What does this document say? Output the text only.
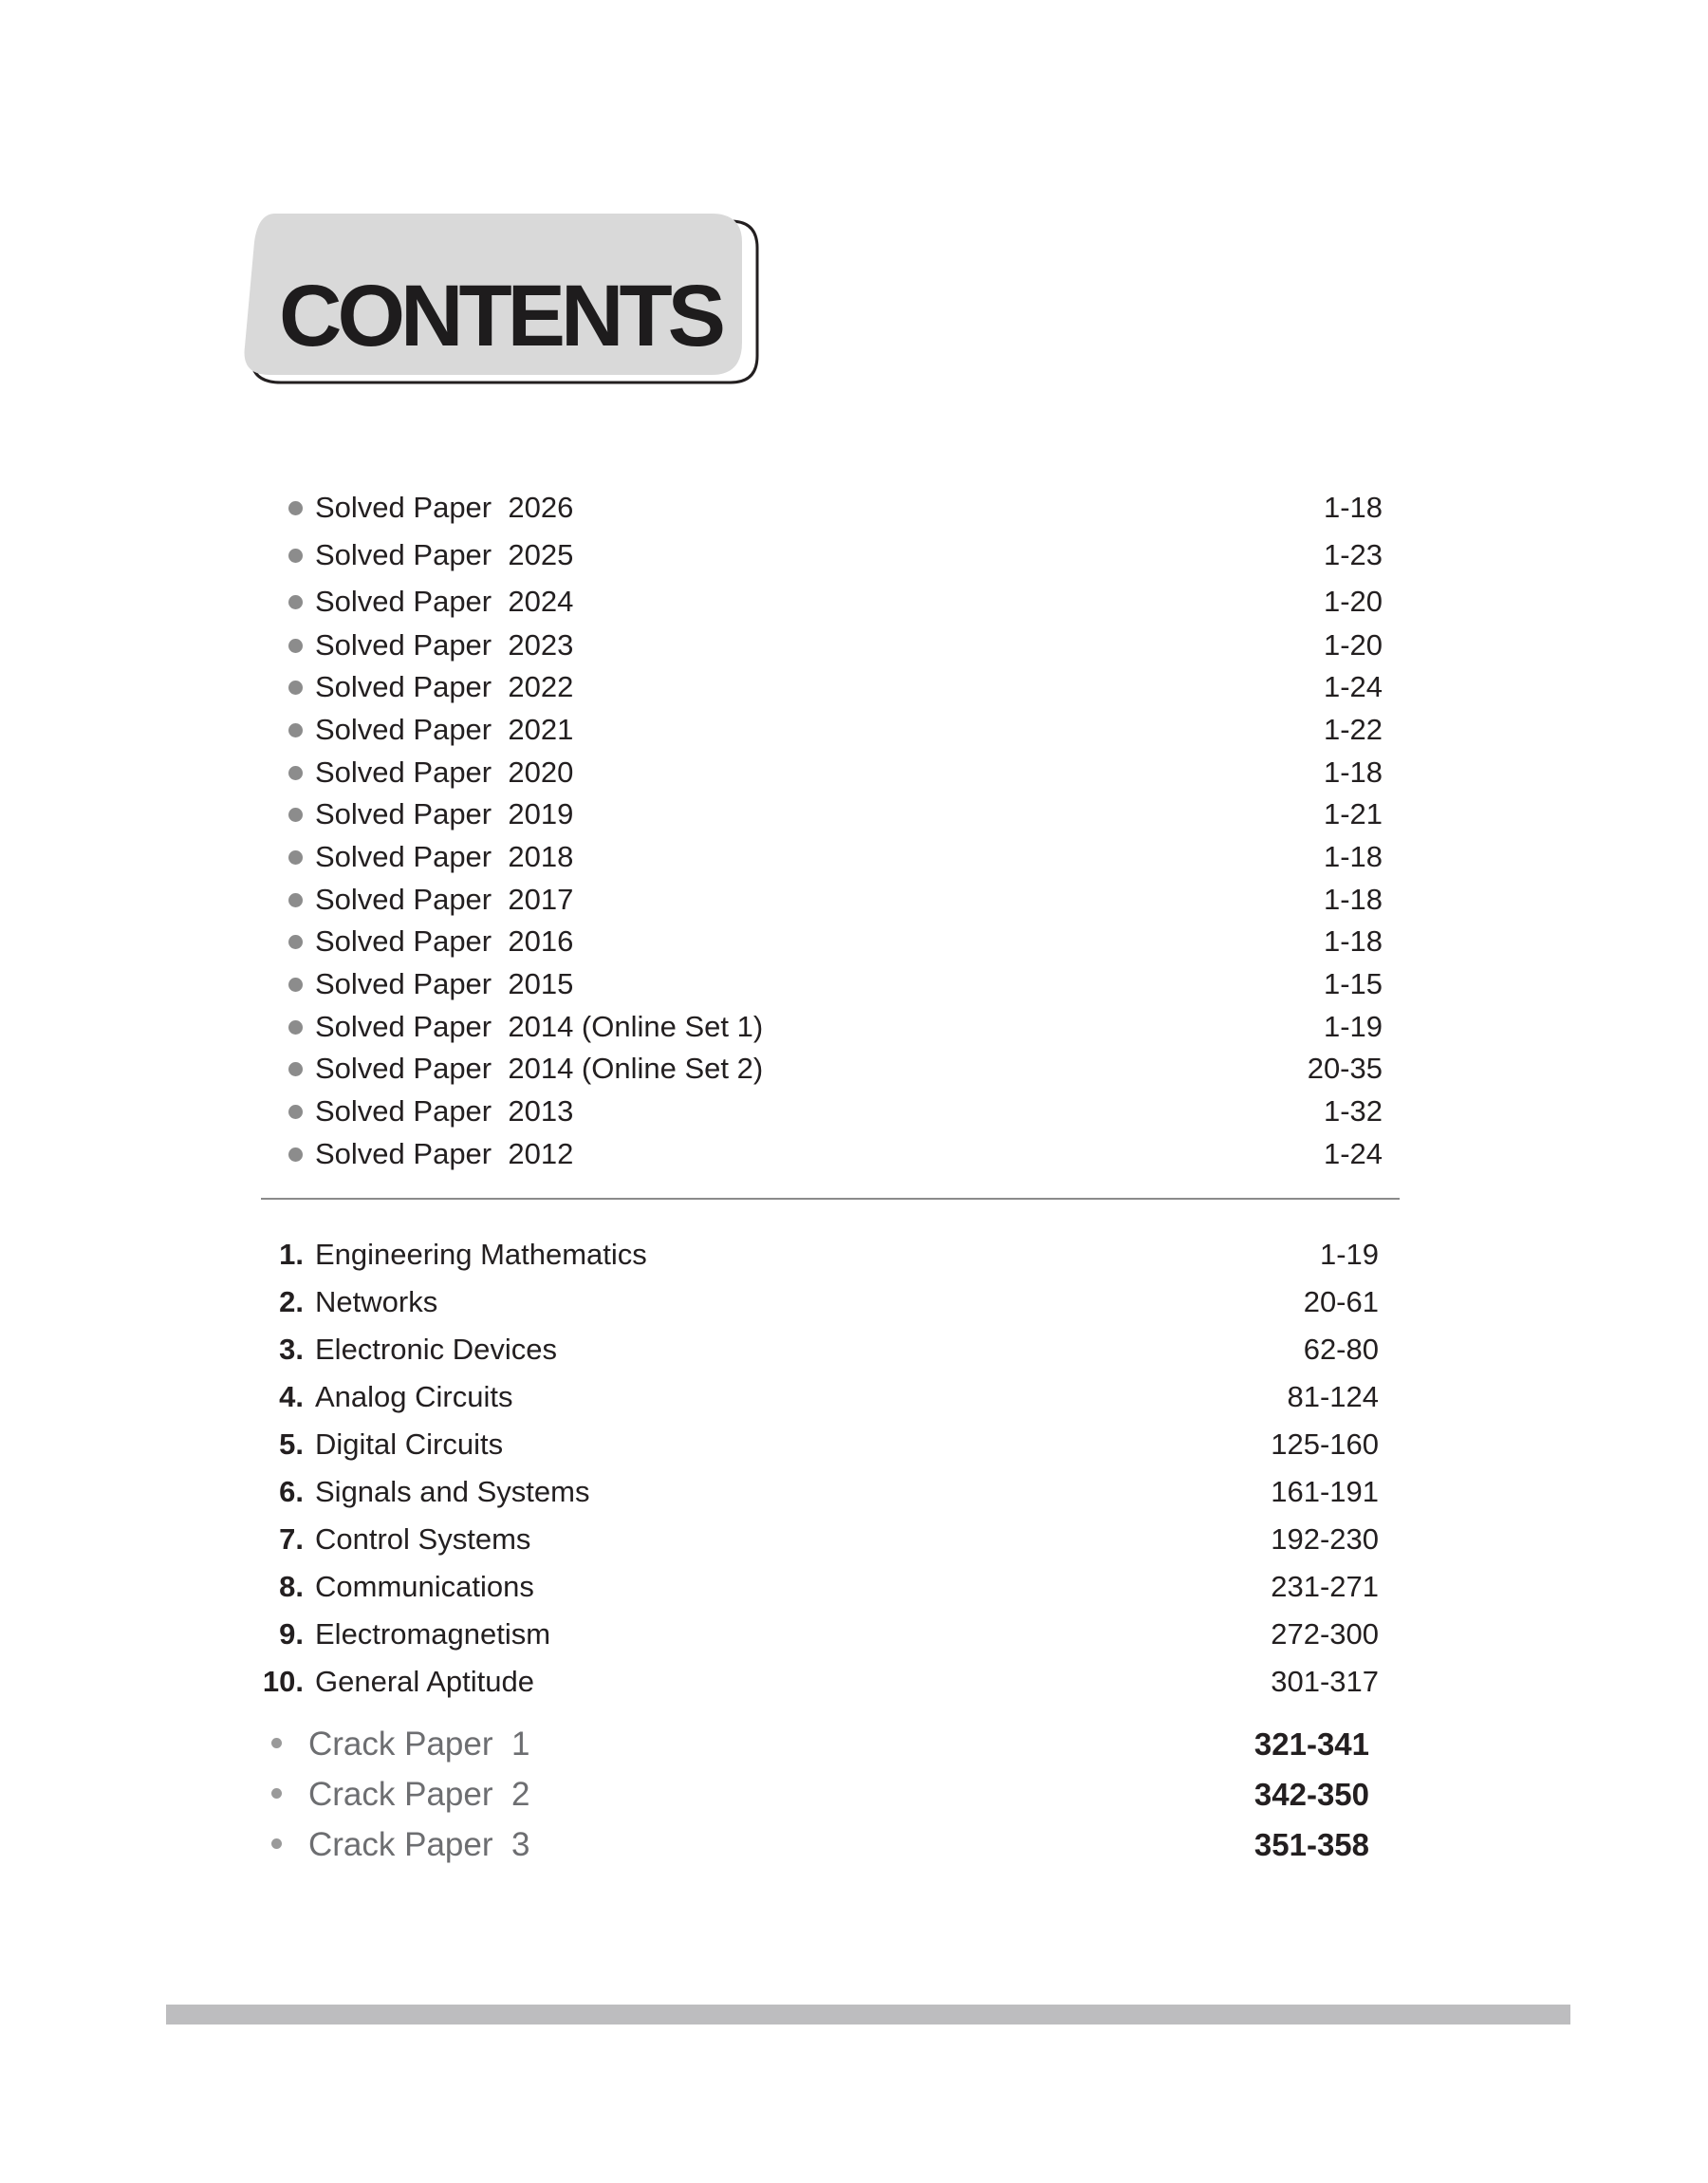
CONTENTS
Solved Paper  2026	1-18
Solved Paper  2025	1-23
Solved Paper  2024	1-20
Solved Paper  2023	1-20
Solved Paper  2022	1-24
Solved Paper  2021	1-22
Solved Paper  2020	1-18
Solved Paper  2019	1-21
Solved Paper  2018	1-18
Solved Paper  2017	1-18
Solved Paper  2016	1-18
Solved Paper  2015	1-15
Solved Paper  2014 (Online Set 1)	1-19
Solved Paper  2014 (Online Set 2)	20-35
Solved Paper  2013	1-32
Solved Paper  2012	1-24
1. Engineering Mathematics	1-19
2. Networks	20-61
3. Electronic Devices	62-80
4. Analog Circuits	81-124
5. Digital Circuits	125-160
6. Signals and Systems	161-191
7. Control Systems	192-230
8. Communications	231-271
9. Electromagnetism	272-300
10. General Aptitude	301-317
Crack Paper  1	321-341
Crack Paper  2	342-350
Crack Paper  3	351-358
